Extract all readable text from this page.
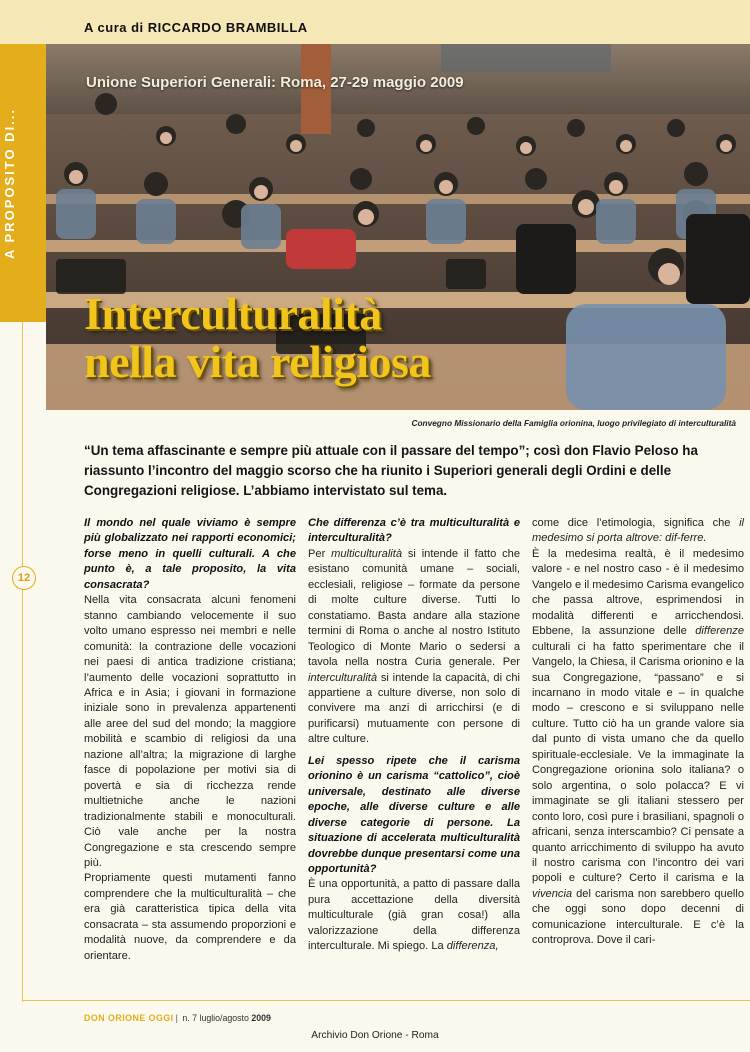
A cura di RICCARDO BRAMBILLA
A PROPOSITO DI...
12
Unione Superiori Generali: Roma, 27-29 maggio 2009
Interculturalità
nella vita religiosa
Convegno Missionario della Famiglia orionina, luogo privilegiato di interculturalità
“Un tema affascinante e sempre più attuale con il passare del tempo”; così don Flavio Peloso ha riassunto l’incontro del maggio scorso che ha riunito i Superiori generali degli Ordini e delle Congregazioni religiose. L’abbiamo intervistato sul tema.

Il mondo nel quale viviamo è sempre più globalizzato nei rapporti economici; forse meno in quelli culturali. A che punto è, a tale proposito, la vita consacrata?

Nella vita consacrata alcuni fenomeni stanno cambiando velocemente il suo volto umano espresso nei membri e nelle comunità: la contrazione delle vocazioni nei paesi di antica tradizione cristiana; l’aumento delle vocazioni soprattutto in Africa e in Asia; i giovani in formazione iniziale sono in prevalenza appartenenti alle aree del sud del mondo; la maggiore mobilità e scambio di religiosi da una nazione all’altra; la migrazione di larghe fasce di popolazione per motivi sia di povertà e sia di ricchezza rende multietniche anche le nazioni tradizionalmente stabili e monoculturali. Ciò vale anche per la nostra Congregazione e sta crescendo sempre più.

Propriamente questi mutamenti fanno comprendere che la multiculturalità – che era già caratteristica tipica della vita consacrata – sta assumendo proporzioni e modalità nuove, da comprendere e da orientare.

Che differenza c’è tra multiculturalità e interculturalità?

Per multiculturalità si intende il fatto che esistano comunità umane – sociali, ecclesiali, religiose – formate da persone di molte culture diverse. Tutti lo constatiamo. Basta andare alla stazione termini di Roma o anche al nostro Istituto Teologico di Monte Mario o sedersi a tavola nella nostra Curia generale. Per interculturalità si intende la capacità, di chi appartiene a culture diverse, non solo di convivere ma anzi di arricchirsi (e di purificarsi) mutuamente con persone di altre culture.

Lei spesso ripete che il carisma orionino è un carisma “cattolico”, cioè universale, destinato alle diverse epoche, alle diverse culture e alle diverse categorie di persone. La situazione di accelerata multiculturalità dovrebbe dunque presentarsi come una opportunità?

È una opportunità, a patto di passare dalla pura accettazione della diversità multiculturale (già gran cosa!) alla valorizzazione della differenza interculturale. Mi spiego. La differenza,

come dice l’etimologia, significa che il medesimo si porta altrove: dif-ferre.

È la medesima realtà, è il medesimo valore - e nel nostro caso - è il medesimo Vangelo e il medesimo Carisma evangelico che passa altrove, esprimendosi in modalità differenti e arricchendosi. Ebbene, la assunzione delle differenze culturali ci ha fatto sperimentare che il Vangelo, la Chiesa, il Carisma orionino e la sua Congregazione, “passano” e si incarnano in modo vitale e – in qualche modo – crescono e si sviluppano nelle culture. Tutto ciò ha un grande valore sia dal punto di vista umano che da quello spirituale-ecclesiale. Ve la immaginate la Congregazione orionina solo italiana? o solo argentina, o solo polacca? E vi immaginate se gli italiani stessero per conto loro, così pure i brasiliani, spagnoli o africani, senza interscambio? Ci pensate a quanto arricchimento di sviluppo ha avuto il nostro carisma con l’incontro dei vari popoli e culture? Certo il carisma e la vivencia del carisma non sarebbero quello che oggi sono dopo decenni di comunicazione interculturale. E c’è la controprova. Dove il cari-

DON ORIONE OGGI | n. 7 luglio/agosto 2009
Archivio Don Orione - Roma
